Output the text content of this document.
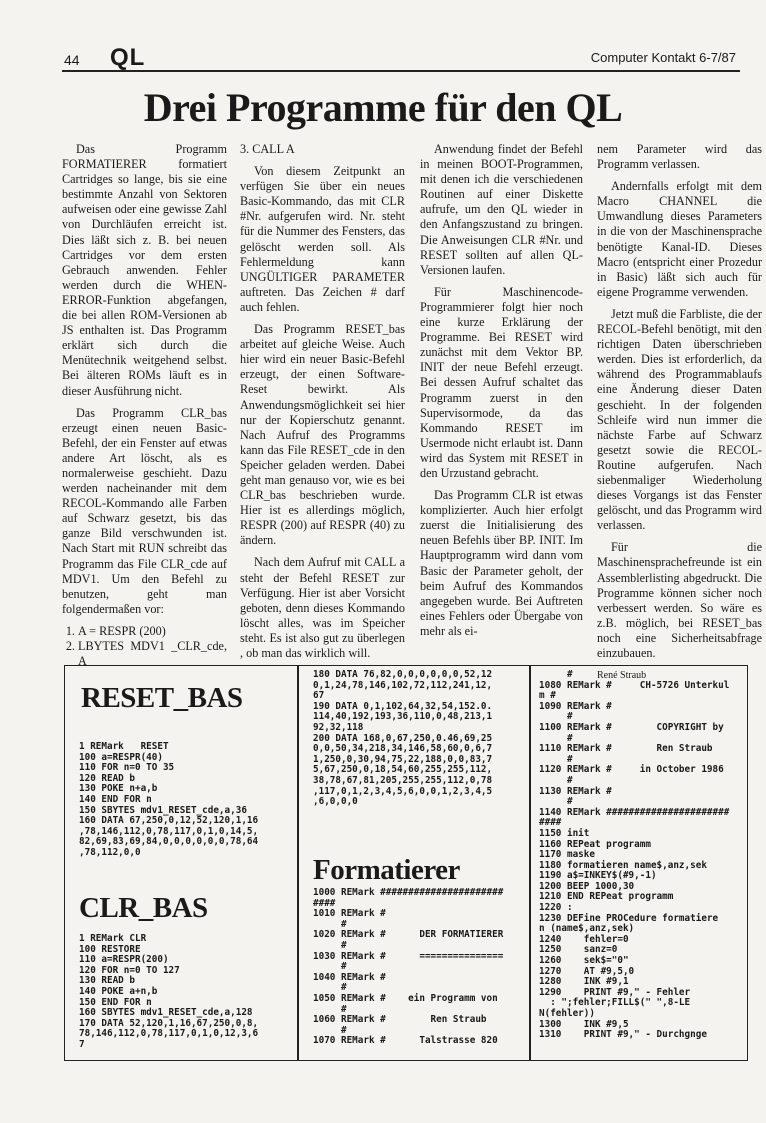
44 QL	Computer Kontakt 6-7/87
Drei Programme für den QL

Das Programm FORMATIERER formatiert Cartridges so lange, bis sie eine bestimmte Anzahl von Sektoren aufweisen oder eine gewisse Zahl von Durchläufen erreicht ist. Dies läßt sich z. B. bei neuen Cartridges vor dem ersten Gebrauch anwenden. Fehler werden durch die WHEN-ERROR-Funktion abgefangen, die bei allen ROM-Versionen ab JS enthalten ist. Das Programm erklärt sich durch die Menütechnik weitgehend selbst. Bei älteren ROMs läuft es in dieser Ausführung nicht.

Das Programm CLR_bas erzeugt einen neuen Basic-Befehl, der ein Fenster auf etwas andere Art löscht, als es normalerweise geschieht. Dazu werden nacheinander mit dem RECOL-Kommando alle Farben auf Schwarz gesetzt, bis das ganze Bild verschwunden ist. Nach Start mit RUN schreibt das Programm das File CLR_cde auf MDV1. Um den Befehl zu benutzen, geht man folgendermaßen vor:

1. A = RESPR (200)
2. LBYTES MDV1 _CLR_cde, A

3. CALL A

Von diesem Zeitpunkt an verfügen Sie über ein neues Basic-Kommando, das mit CLR #Nr. aufgerufen wird. Nr. steht für die Nummer des Fensters, das gelöscht werden soll. Als Fehlermeldung kann UNGÜLTIGER PARAMETER auftreten. Das Zeichen # darf auch fehlen.

Das Programm RESET_bas arbeitet auf gleiche Weise. Auch hier wird ein neuer Basic-Befehl erzeugt, der einen Software-Reset bewirkt. Als Anwendungsmöglichkeit sei hier nur der Kopierschutz genannt. Nach Aufruf des Programms kann das File RESET_cde in den Speicher geladen werden. Dabei geht man genauso vor, wie es bei CLR_bas beschrieben wurde. Hier ist es allerdings möglich, RESPR (200) auf RESPR (40) zu ändern.

Nach dem Aufruf mit CALL a steht der Befehl RESET zur Verfügung. Hier ist aber Vorsicht geboten, denn dieses Kommando löscht alles, was im Speicher steht. Es ist also gut zu überlegen , ob man das wirklich will.

Anwendung findet der Befehl in meinen BOOT-Programmen, mit denen ich die verschiedenen Routinen auf einer Diskette aufrufe, um den QL wieder in den Anfangszustand zu bringen. Die Anweisungen CLR #Nr. und RESET sollten auf allen QL-Versionen laufen.

Für Maschinencode-Programmierer folgt hier noch eine kurze Erklärung der Programme. Bei RESET wird zunächst mit dem Vektor BP. INIT der neue Befehl erzeugt. Bei dessen Aufruf schaltet das Programm zuerst in den Supervisormode, da das Kommando RESET im Usermode nicht erlaubt ist. Dann wird das System mit RESET in den Urzustand gebracht.

Das Programm CLR ist etwas komplizierter. Auch hier erfolgt zuerst die Initialisierung des neuen Befehls über BP. INIT. Im Hauptprogramm wird dann vom Basic der Parameter geholt, der beim Aufruf des Kommandos angegeben wurde. Bei Auftreten eines Fehlers oder Übergabe von mehr als ei-

nem Parameter wird das Programm verlassen.

Andernfalls erfolgt mit dem Macro CHANNEL die Umwandlung dieses Parameters in die von der Maschinensprache benötigte Kanal-ID. Dieses Macro (entspricht einer Prozedur in Basic) läßt sich auch für eigene Programme verwenden.

Jetzt muß die Farbliste, die der RECOL-Befehl benötigt, mit den richtigen Daten überschrieben werden. Dies ist erforderlich, da während des Programmablaufs eine Änderung dieser Daten geschieht. In der folgenden Schleife wird nun immer die nächste Farbe auf Schwarz gesetzt sowie die RECOL-Routine aufgerufen. Nach siebenmaliger Wiederholung dieses Vorgangs ist das Fenster gelöscht, und das Programm wird verlassen.

Für die Maschinensprachefreunde ist ein Assemblerlisting abgedruckt. Die Programme können sicher noch verbessert werden. So wäre es z.B. möglich, bei RESET_bas noch eine Sicherheitsabfrage einzubauen.

René Straub

RESET_BAS
1 REMark   RESET
100 a=RESPR(40)
110 FOR n=0 TO 35
120 READ b
130 POKE n+a,b
140 END FOR n
150 SBYTES mdv1_RESET_cde,a,36
160 DATA 67,250,0,12,52,120,1,16
,78,146,112,0,78,117,0,1,0,14,5,
82,69,83,69,84,0,0,0,0,0,0,78,64
,78,112,0,0
CLR_BAS
1 REMark CLR
100 RESTORE
110 a=RESPR(200)
120 FOR n=0 TO 127
130 READ b
140 POKE a+n,b
150 END FOR n
160 SBYTES mdv1_RESET_cde,a,128
170 DATA 52,120,1,16,67,250,0,8,
78,146,112,0,78,117,0,1,0,12,3,6
7
180 DATA 76,82,0,0,0,0,0,0,52,12
0,1,24,78,146,102,72,112,241,12,
67
190 DATA 0,1,102,64,32,54,152.0.
114,40,192,193,36,110,0,48,213,1
92,32,118
200 DATA 168,0,67,250,0.46,69,25
0,0,50,34,218,34,146,58,60,0,6,7
1,250,0,30,94,75,22,188,0,0,83,7
5,67,250,0,18,54,60,255,255,112,
38,78,67,81,205,255,255,112,0,78
,117,0,1,2,3,4,5,6,0,0,1,2,3,4,5
,6,0,0,0
Formatierer
1000 REMark ######################
####
1010 REMark #
#
1020 REMark #      DER FORMATIERER
#
1030 REMark #      ===============
#
1040 REMark #
#
1050 REMark #    ein Programm von
#
1060 REMark #        Ren Straub
#
1070 REMark #      Talstrasse 820
#
1080 REMark #     CH-5726 Unterkul
m #
1090 REMark #
#
1100 REMark #        COPYRIGHT by
#
1110 REMark #        Ren Straub
#
1120 REMark #     in October 1986
#
1130 REMark #
#
1140 REMark ######################
####
1150 init
1160 REPeat programm
1170 maske
1180 formatieren name$,anz,sek
1190 a$=INKEY$(#9,-1)
1200 BEEP 1000,30
1210 END REPeat programm
1220 :
1230 DEFine PROCedure formatiere
n (name$,anz,sek)
1240    fehler=0
1250    sanz=0
1260    sek$="0"
1270    AT #9,5,0
1280    INK #9,1
1290    PRINT #9," - Fehler
: ";fehler;FILL$(" ",8-LE
N(fehler))
1300    INK #9,5
1310    PRINT #9," - Durchgnge
